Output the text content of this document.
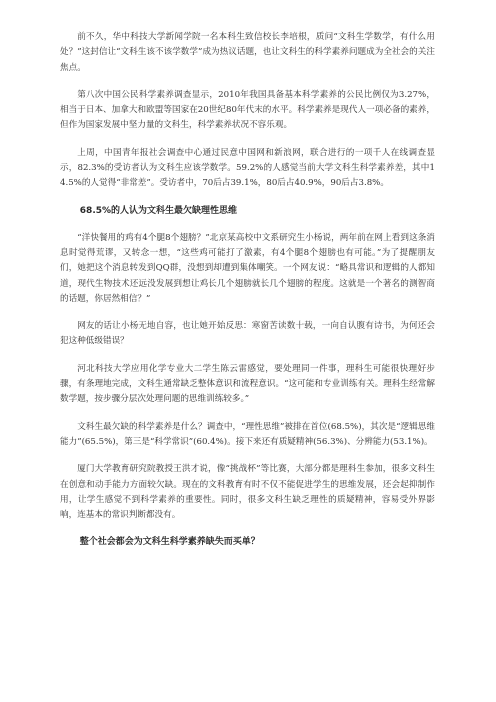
前不久，华中科技大学新闻学院一名本科生致信校长李培根，质问“文科生学数学，有什么用处？”这封信让“文科生该不该学数学”成为热议话题，也让文科生的科学素养问题成为全社会的关注焦点。

第八次中国公民科学素养调查显示，2010年我国具备基本科学素养的公民比例仅为3.27%，相当于日本、加拿大和欧盟等国家在20世纪80年代末的水平。科学素养是现代人一项必备的素养，但作为国家发展中坚力量的文科生，科学素养状况不容乐观。

上周，中国青年报社会调查中心通过民意中国网和新浪网，联合进行的一项千人在线调查显示，82.3%的受访者认为文科生应该学数学。59.2%的人感觉当前大学文科生科学素养差，其中14.5%的人觉得“非常差”。受访者中，70后占39.1%，80后占40.9%，90后占3.8%。

68.5%的人认为文科生最欠缺理性思维

“洋快餐用的鸡有4个腿8个翅膀？”北京某高校中文系研究生小杨说，两年前在网上看到这条消息时觉得荒谬，又转念一想，“这些鸡可能打了激素，有4个腿8个翅膀也有可能。”为了提醒朋友们，她把这个消息转发到QQ群，没想到却遭到集体嘲笑。一个网友说：“略具常识和逻辑的人都知道，现代生物技术还远没发展到想让鸡长几个翅膀就长几个翅膀的程度。这就是一个著名的测智商的话题，你居然相信？”

网友的话让小杨无地自容，也让她开始反思：寒窗苦读数十载，一向自认腹有诗书，为何还会犯这种低级错误？

河北科技大学应用化学专业大二学生陈云雷感觉，要处理同一件事，理科生可能很快理好步骤，有条理地完成，文科生通常缺乏整体意识和流程意识。“这可能和专业训练有关。理科生经常解数学题，按步骤分层次处理问题的思维训练较多。”

文科生最欠缺的科学素养是什么？调查中，“理性思维”被排在首位(68.5%)，其次是“逻辑思维能力”(65.5%)，第三是“科学常识”(60.4%)。接下来还有质疑精神(56.3%)、分辨能力(53.1%)。

厦门大学教育研究院教授王洪才说，像“挑战杯”等比赛，大部分都是理科生参加，很多文科生在创意和动手能力方面较欠缺。现在的文科教育有时不仅不能促进学生的思维发展，还会起抑制作用，让学生感觉不到科学素养的重要性。同时，很多文科生缺乏理性的质疑精神，容易受外界影响，连基本的常识判断都没有。

整个社会都会为文科生科学素养缺失而买单？
